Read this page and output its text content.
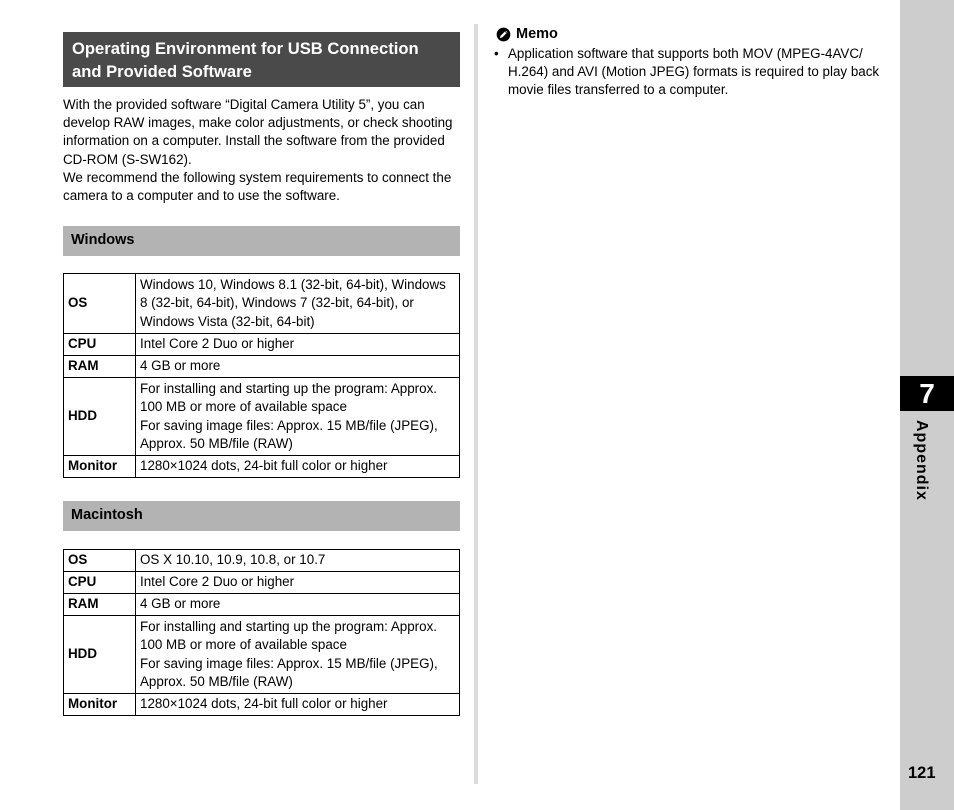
Operating Environment for USB Connection and Provided Software

With the provided software “Digital Camera Utility 5”, you can develop RAW images, make color adjustments, or check shooting information on a computer. Install the software from the provided CD-ROM (S-SW162).

We recommend the following system requirements to connect the camera to a computer and to use the software.

Windows
OS	Windows 10, Windows 8.1 (32-bit, 64-bit), Windows 8 (32-bit, 64-bit), Windows 7 (32-bit, 64-bit), or Windows Vista (32-bit, 64-bit)
CPU	Intel Core 2 Duo or higher
RAM	4 GB or more
HDD	For installing and starting up the program: Approx. 100 MB or more of available space
For saving image files: Approx. 15 MB/file (JPEG), Approx. 50 MB/file (RAW)

Monitor	1280×1024 dots, 24-bit full color or higher
Macintosh
OS	OS X 10.10, 10.9, 10.8, or 10.7
CPU	Intel Core 2 Duo or higher
RAM	4 GB or more
HDD	For installing and starting up the program: Approx. 100 MB or more of available space
For saving image files: Approx. 15 MB/file (JPEG), Approx. 50 MB/file (RAW)

Monitor	1280×1024 dots, 24-bit full color or higher
Memo
• Application software that supports both MOV (MPEG-4AVC/ H.264) and AVI (Motion JPEG) formats is required to play back movie files transferred to a computer.
7
Appendix
121
